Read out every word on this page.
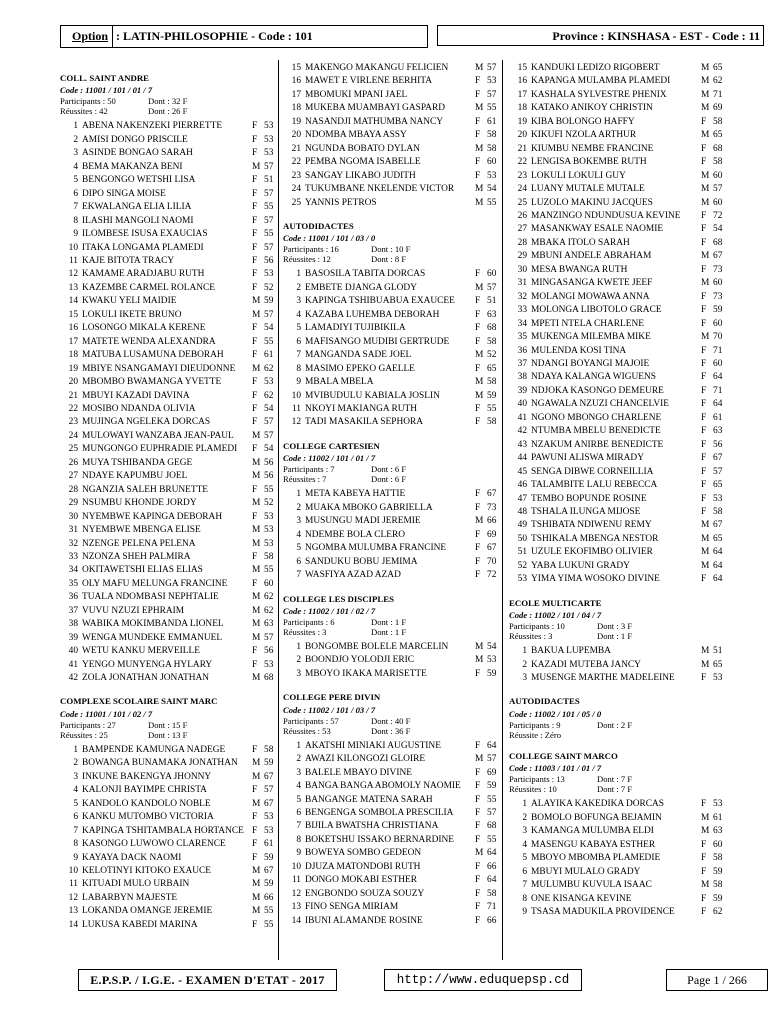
Option : LATIN-PHILOSOPHIE - Code : 101	Province : KINSHASA - EST - Code : 11
COLL. SAINT ANDRE
Code : 11001 / 101 / 01 / 7
Participants : 50	Dont : 32 F
Réussites : 42	Dont : 26 F
1 ABENA NAKENZEKI PIERRETTE	F 53
2 AMISI DONGO PRISCILE	F 53
3 ASINDE BONGAO SARAH	F 53
4 BEMA MAKANZA BENI	M 57
5 BENGONGO WETSHI LISA	F 51
6 DIPO SINGA MOISE	F 57
7 EKWALANGA ELIA LILIA	F 55
8 ILASHI MANGOLI NAOMI	F 57
9 ILOMBESE ISUSA EXAUCIAS	F 55
10 ITAKA LONGAMA PLAMEDI	F 57
11 KAJE BITOTA TRACY	F 56
12 KAMAME ARADJABU RUTH	F 53
13 KAZEMBE CARMEL ROLANCE	F 52
14 KWAKU YELI MAIDIE	M 59
15 LOKULI IKETE BRUNO	M 57
16 LOSONGO MIKALA KERENE	F 54
17 MATETE WENDA ALEXANDRA	F 55
18 MATUBA LUSAMUNA DEBORAH	F 61
19 MBIYE NSANGAMAYI DIEUDONNE	M 62
20 MBOMBO BWAMANGA YVETTE	F 53
21 MBUYI KAZADI DAVINA	F 62
22 MOSIBO NDANDA OLIVIA	F 54
23 MUJINGA NGELEKA DORCAS	F 57
24 MULOWAYI WANZABA JEAN-PAUL	M 57
25 MUNGONGO EUPHRADIE PLAMEDI	F 54
26 MUYA TSHIBANDA GEGE	M 56
27 NDAYE KAPUMBU JOEL	M 56
28 NGANZIA SALEH BRUNETTE	F 55
29 NSUMBU KHONDE JORDY	M 52
30 NYEMBWE KAPINGA DEBORAH	F 53
31 NYEMBWE MBENGA ELISE	M 53
32 NZENGE PELENA PELENA	M 53
33 NZONZA SHEH PALMIRA	F 58
34 OKITAWETSHI ELIAS ELIAS	M 55
35 OLY MAFU MELUNGA FRANCINE	F 60
36 TUALA NDOMBASI NEPHTALIE	M 62
37 VUVU NZUZI EPHRAIM	M 62
38 WABIKA MOKIMBANDA LIONEL	M 63
39 WENGA MUNDEKE EMMANUEL	M 57
40 WETU KANKU MERVEILLE	F 56
41 YENGO MUNYENGA HYLARY	F 53
42 ZOLA JONATHAN JONATHAN	M 68
COMPLEXE SCOLAIRE SAINT MARC
Code : 11001 / 101 / 02 / 7
Participants : 27	Dont : 15 F
Réussites : 25	Dont : 13 F
1 BAMPENDE KAMUNGA NADEGE	F 58
2 BOWANGA BUNAMAKA JONATHAN	M 59
3 INKUNE BAKENGYA JHONNY	M 67
4 KALONJI BAYIMPE CHRISTA	F 57
5 KANDOLO KANDOLO NOBLE	M 67
6 KANKU MUTOMBO VICTORIA	F 53
7 KAPINGA TSHITAMBALA HORTANCE F 53
8 KASONGO LUWOWO CLARENCE	F 61
9 KAYAYA DACK NAOMI	F 59
10 KELOTINYI KITOKO EXAUCE	M 67
11 KITUADI MULO URBAIN	M 59
12 LABARBYN MAJESTE	M 66
13 LOKANDA OMANGE JEREMIE	M 55
14 LUKUSA KABEDI MARINA	F 55
15 MAKENGO MAKANGU FELICIEN	M 57
16 MAWET E VIRLENE BERHITA	F 53
17 MBOMUKI MPANI JAEL	F 57
18 MUKEBA MUAMBAYI GASPARD	M 55
19 NASANDJI MATHUMBA NANCY	F 61
20 NDOMBA MBAYA ASSY	F 58
21 NGUNDA BOBATO DYLAN	M 58
22 PEMBA NGOMA ISABELLE	F 60
23 SANGAY LIKABO JUDITH	F 53
24 TUKUMBANE NKELENDE VICTOR	M 54
25 YANNIS PETROS	M 55
AUTODIDACTES
Code : 11001 / 101 / 03 / 0
Participants : 16	Dont : 10 F
Réussites : 12	Dont : 8 F
1 BASOSILA TABITA DORCAS	F 60
2 EMBETE DJANGA GLODY	M 57
3 KAPINGA TSHIBUABUA EXAUCEE	F 51
4 KAZABA LUHEMBA DEBORAH	F 63
5 LAMADIYI TUJIBIKILA	F 68
6 MAFISANGO MUDIBI GERTRUDE	F 58
7 MANGANDA SADE JOEL	M 52
8 MASIMO EPEKO GAELLE	F 65
9 MBALA MBELA	M 58
10 MVIBUDULU KABIALA JOSLIN	M 59
11 NKOYI MAKIANGA RUTH	F 55
12 TADI MASAKILA SEPHORA	F 58
COLLEGE CARTESIEN
Code : 11002 / 101 / 01 / 7
Participants : 7	Dont : 6 F
Réussites : 7	Dont : 6 F
1 META KABEYA HATTIE	F 67
2 MUAKA MBOKO GABRIELLA	F 73
3 MUSUNGU MADI JEREMIE	M 66
4 NDEMBE BOLA CLERO	F 69
5 NGOMBA MULUMBA FRANCINE	F 67
6 SANDUKU BOBU JEMIMA	F 70
7 WASFIYA AZAD AZAD	F 72
COLLEGE LES DISCIPLES
Code : 11002 / 101 / 02 / 7
Participants : 6	Dont : 1 F
Réussites : 3	Dont : 1 F
1 BONGOMBE BOLELE MARCELIN	M 54
2 BOONDJO YOLODJI ERIC	M 53
3 MBOYO IKAKA MARISETTE	F 59
COLLEGE PERE DIVIN
Code : 11002 / 101 / 03 / 7
Participants : 57	Dont : 40 F
Réussites : 53	Dont : 36 F
1 AKATSHI MINIAKI AUGUSTINE	F 64
2 AWAZI KILONGOZI GLOIRE	M 57
3 BALELE MBAYO DIVINE	F 69
4 BANGA BANGA ABOMOLY NAOMIE	F 59
5 BANGANGE MATENA SARAH	F 55
6 BENGENGA SOMBOLA PRESCILIA	F 57
7 BIJILA BWATSHA CHRISTIANA	F 68
8 BOKETSHU ISSAKO BERNARDINE	F 55
9 BOWEYA SOMBO GEDEON	M 64
10 DJUZA MATONDOBI RUTH	F 66
11 DONGO MOKABI ESTHER	F 64
12 ENGBONDO SOUZA SOUZY	F 58
13 FINO SENGA MIRIAM	F 71
14 IBUNI ALAMANDE ROSINE	F 66
15 KANDUKI LEDIZO RIGOBERT	M 65
16 KAPANGA MULAMBA PLAMEDI	M 62
17 KASHALA SYLVESTRE PHENIX	M 71
18 KATAKO ANIKOY CHRISTIN	M 69
19 KIBA BOLONGO HAFFY	F 58
20 KIKUFI NZOLA ARTHUR	M 65
21 KIUMBU NEMBE FRANCINE	F 68
22 LENGISA BOKEMBE RUTH	F 58
23 LOKULI LOKULI GUY	M 60
24 LUANY MUTALE MUTALE	M 57
25 LUZOLO MAKINU JACQUES	M 60
26 MANZINGO NDUNDUSUA KEVINE	F 72
27 MASANKWAY ESALE NAOMIE	F 54
28 MBAKA ITOLO SARAH	F 68
29 MBUNI ANDELE ABRAHAM	M 67
30 MESA BWANGA RUTH	F 73
31 MINGASANGA KWETE JEEF	M 60
32 MOLANGI MOWAWA ANNA	F 73
33 MOLONGA LIBOTOLO GRACE	F 59
34 MPETI NTELA CHARLENE	F 60
35 MUKENGA MILEMBA MIKE	M 70
36 MULENDA KOSI TINA	F 71
37 NDANGI BOYANGI MAJOIE	F 60
38 NDAYA KALANGA WIGUENS	F 64
39 NDJOKA KASONGO DEMEURE	F 71
40 NGAWALA NZUZI CHANCELVIE	F 64
41 NGONO MBONGO CHARLENE	F 61
42 NTUMBA MBELU BENEDICTE	F 63
43 NZAKUM ANIRBE BENEDICTE	F 56
44 PAWUNI ALISWA MIRADY	F 67
45 SENGA DIBWE CORNEILLIA	F 57
46 TALAMBITE LALU REBECCA	F 65
47 TEMBO BOPUNDE ROSINE	F 53
48 TSHALA ILUNGA MIJOSE	F 58
49 TSHIBATA NDIWENU REMY	M 67
50 TSHIKALA MBENGA NESTOR	M 65
51 UZULE EKOFIMBO OLIVIER	M 64
52 YABA LUKUNI GRADY	M 64
53 YIMA YIMA WOSOKO DIVINE	F 64
ECOLE MULTICARTE
Code : 11002 / 101 / 04 / 7
Participants : 10	Dont : 3 F
Réussites : 3	Dont : 1 F
1 BAKUA LUPEMBA	M 51
2 KAZADI MUTEBA JANCY	M 65
3 MUSENGE MARTHE MADELEINE	F 53
AUTODIDACTES
Code : 11002 / 101 / 05 / 0
Participants : 9	Dont : 2 F
Réussite : Zéro
COLLEGE SAINT MARCO
Code : 11003 / 101 / 01 / 7
Participants : 13	Dont : 7 F
Réussites : 10	Dont : 7 F
1 ALAYIKA KAKEDIKA DORCAS	F 53
2 BOMOLO BOFUNGA BEJAMIN	M 61
3 KAMANGA MULUMBA ELDI	M 63
4 MASENGU KABAYA ESTHER	F 60
5 MBOYO MBOMBA PLAMEDIE	F 58
6 MBUYI MULALO GRADY	F 59
7 MULUMBU KUVULA ISAAC	M 58
8 ONE KISANGA KEVINE	F 59
9 TSASA MADUKILA PROVIDENCE	F 62
E.P.S.P. / I.G.E. - EXAMEN D'ETAT - 2017	http://www.eduquepsp.cd	Page 1 / 266
